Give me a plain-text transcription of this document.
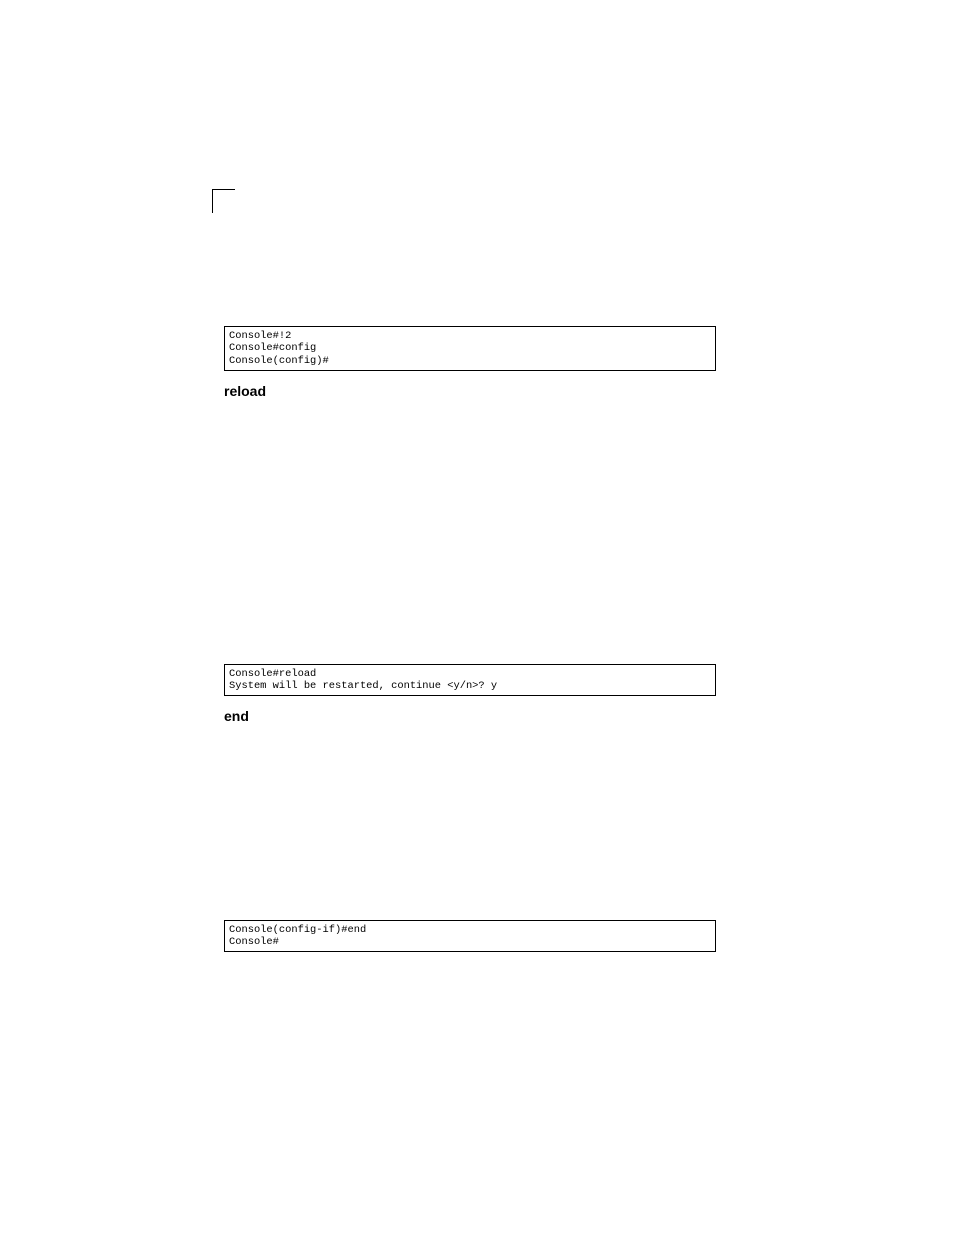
Console#!2
Console#config
Console(config)#
reload
Console#reload
System will be restarted, continue <y/n>? y
end
Console(config-if)#end
Console#
